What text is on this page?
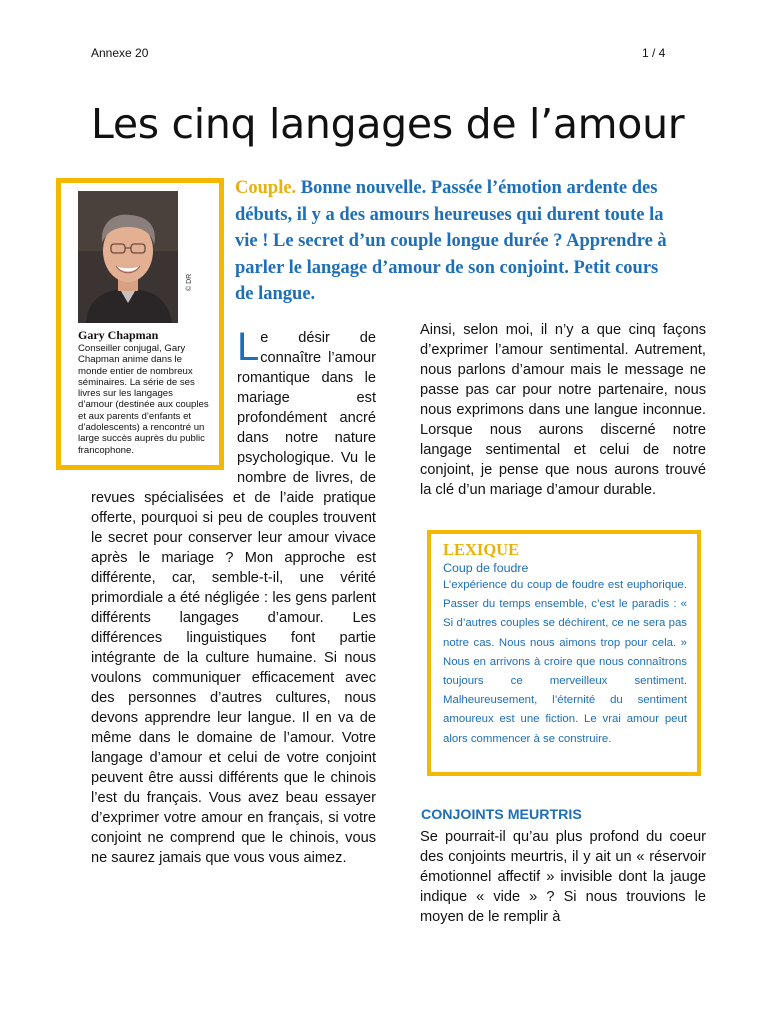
Annexe 20	1 / 4
Les cinq langages de l’amour
© DR
Gary Chapman
Conseiller conjugal, Gary Chapman anime dans le monde entier de nombreux séminaires. La série de ses livres sur les langages d’amour (destinée aux couples et aux parents d’enfants et d’adolescents) a rencontré un large succès auprès du public francophone.

Couple. Bonne nouvelle. Passée l’émotion ardente des débuts, il y a des amours heureuses qui durent toute la vie ! Le secret d’un couple longue durée ? Apprendre à parler le langage d’amour de son conjoint. Petit cours de langue.

Le désir de connaître l’amour romantique dans le mariage est profondément ancré dans notre nature psychologique. Vu le nombre de livres, de revues spécialisées et de l’aide pratique offerte, pourquoi si peu de couples trouvent le secret pour conserver leur amour vivace après le mariage ? Mon approche est différente, car, semble-t-il, une vérité primordiale a été négligée : les gens parlent différents langages d’amour. Les différences linguistiques font partie intégrante de la culture humaine. Si nous voulons communiquer efficacement avec des personnes d’autres cultures, nous devons apprendre leur langue. Il en va de même dans le domaine de l’amour. Votre langage d’amour et celui de votre conjoint peuvent être aussi différents que le chinois l’est du français. Vous avez beau essayer d’exprimer votre amour en français, si votre conjoint ne comprend que le chinois, vous ne saurez jamais que vous vous aimez.

Ainsi, selon moi, il n’y a que cinq façons d’exprimer l’amour sentimental. Autrement, nous parlons d’amour mais le message ne passe pas car pour notre partenaire, nous nous exprimons dans une langue inconnue. Lorsque nous aurons discerné notre langage sentimental et celui de notre conjoint, je pense que nous aurons trouvé la clé d’un mariage d’amour durable.

LEXIQUE
Coup de foudre

L’expérience du coup de foudre est euphorique. Passer du temps ensemble, c’est le paradis : « Si d’autres couples se déchirent, ce ne sera pas notre cas. Nous nous aimons trop pour cela. » Nous en arrivons à croire que nous connaîtrons toujours ce merveilleux sentiment. Malheureusement, l’éternité du sentiment amoureux est une fiction. Le vrai amour peut alors commencer à se construire.

CONJOINTS MEURTRIS

Se pourrait-il qu’au plus profond du coeur des conjoints meurtris, il y ait un « réservoir émotionnel affectif » invisible dont la jauge indique « vide » ? Si nous trouvions le moyen de le remplir à
